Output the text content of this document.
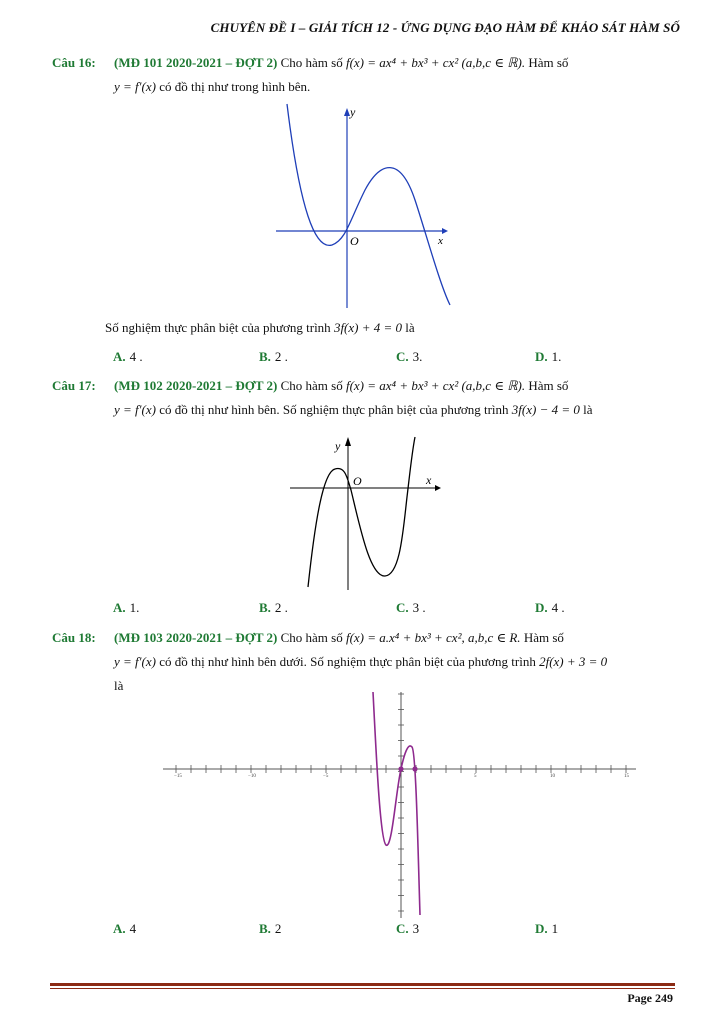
CHUYÊN ĐỀ I – GIẢI TÍCH 12 - ỨNG DỤNG ĐẠO HÀM ĐỂ KHẢO SÁT HÀM SỐ
Câu 16: (MĐ 101 2020-2021 – ĐỢT 2) Cho hàm số f(x) = ax⁴ + bx³ + cx² (a,b,c ∈ ℝ). Hàm số
y = f′(x) có đồ thị như trong hình bên.
y
O	x
Số nghiệm thực phân biệt của phương trình 3f(x) + 4 = 0 là
A. 4 .	B. 2 .	C. 3.	D. 1.
Câu 17: (MĐ 102 2020-2021 – ĐỢT 2) Cho hàm số f(x) = ax⁴ + bx³ + cx² (a,b,c ∈ ℝ). Hàm số
y = f′(x) có đồ thị như hình bên. Số nghiệm thực phân biệt của phương trình 3f(x) − 4 = 0 là
y
O	x
A. 1.	B. 2 .	C. 3 .	D. 4 .
Câu 18: (MĐ 103 2020-2021 – ĐỢT 2) Cho hàm số f(x) = a.x⁴ + bx³ + cx², a,b,c ∈ R. Hàm số
y = f′(x) có đồ thị như hình bên dưới. Số nghiệm thực phân biệt của phương trình 2f(x) + 3 = 0
là
−15	−10	−5	5	10	15
A. 4	B. 2	C. 3	D. 1
Page 249
